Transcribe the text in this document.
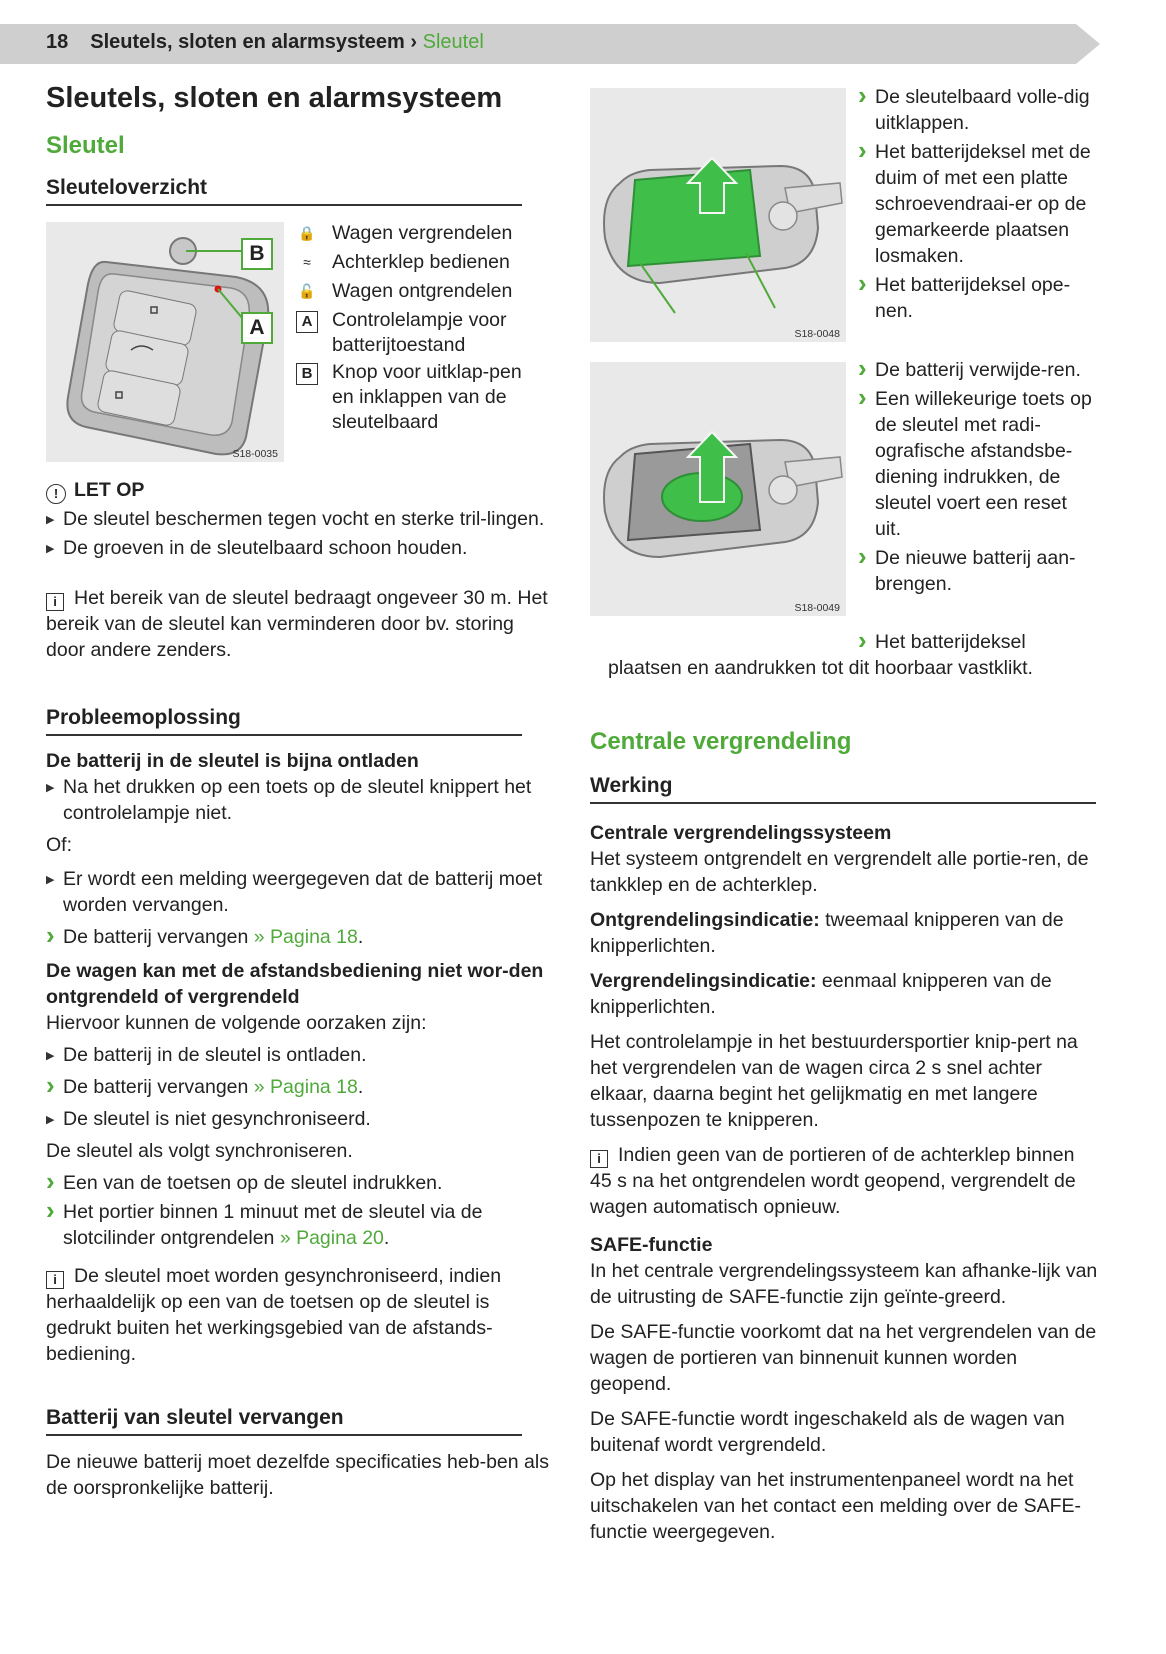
18 Sleutels, sloten en alarmsysteem › Sleutel
Sleutels, sloten en alarmsysteem
Sleutel
Sleuteloverzicht
B
A
S18-0035
🔒 Wagen vergrendelen
≈	Achterklep bedienen
🔓 Wagen ontgrendelen
A Controlelampje voor batterijtoestand
B Knop voor uitklap-pen en inklappen van de sleutelbaard
! LET OP
▶ De sleutel beschermen tegen vocht en sterke tril-lingen.
▶ De groeven in de sleutelbaard schoon houden.

i Het bereik van de sleutel bedraagt ongeveer 30 m. Het bereik van de sleutel kan verminderen door bv. storing door andere zenders.

Probleemoplossing

De batterij in de sleutel is bijna ontladen

▶ Na het drukken op een toets op de sleutel knippert het controlelampje niet.

Of:

▶ Er wordt een melding weergegeven dat de batterij moet worden vervangen.
› De batterij vervangen » Pagina 18.

De wagen kan met de afstandsbediening niet wor-den ontgrendeld of vergrendeld

Hiervoor kunnen de volgende oorzaken zijn:

▶ De batterij in de sleutel is ontladen.
› De batterij vervangen » Pagina 18.
▶ De sleutel is niet gesynchroniseerd.

De sleutel als volgt synchroniseren.

› Een van de toetsen op de sleutel indrukken.
› Het portier binnen 1 minuut met de sleutel via de slotcilinder ontgrendelen » Pagina 20.

i De sleutel moet worden gesynchroniseerd, indien herhaaldelijk op een van de toetsen op de sleutel is gedrukt buiten het werkingsgebied van de afstands-bediening.

Batterij van sleutel vervangen

De nieuwe batterij moet dezelfde specificaties heb-ben als de oorspronkelijke batterij.

S18-0048
S18-0049
› De sleutelbaard volle-dig uitklappen.
› Het batterijdeksel met de duim of met een platte schroevendraai-er op de gemarkeerde plaatsen losmaken.
› Het batterijdeksel ope-nen.
› De batterij verwijde-ren.
› Een willekeurige toets op de sleutel met radi-ografische afstandsbe-diening indrukken, de sleutel voert een reset uit.
› De nieuwe batterij aan-brengen.
› Het batterijdeksel

plaatsen en aandrukken tot dit hoorbaar vastklikt.

Centrale vergrendeling
Werking

Centrale vergrendelingssysteem

Het systeem ontgrendelt en vergrendelt alle portie-ren, de tankklep en de achterklep.

Ontgrendelingsindicatie: tweemaal knipperen van de knipperlichten.

Vergrendelingsindicatie: eenmaal knipperen van de knipperlichten.

Het controlelampje in het bestuurdersportier knip-pert na het vergrendelen van de wagen circa 2 s snel achter elkaar, daarna begint het gelijkmatig en met langere tussenpozen te knipperen.

i Indien geen van de portieren of de achterklep binnen 45 s na het ontgrendelen wordt geopend, vergrendelt de wagen automatisch opnieuw.

SAFE-functie

In het centrale vergrendelingssysteem kan afhanke-lijk van de uitrusting de SAFE-functie zijn geïnte-greerd.

De SAFE-functie voorkomt dat na het vergrendelen van de wagen de portieren van binnenuit kunnen worden geopend.

De SAFE-functie wordt ingeschakeld als de wagen van buitenaf wordt vergrendeld.

Op het display van het instrumentenpaneel wordt na het uitschakelen van het contact een melding over de SAFE-functie weergegeven.
